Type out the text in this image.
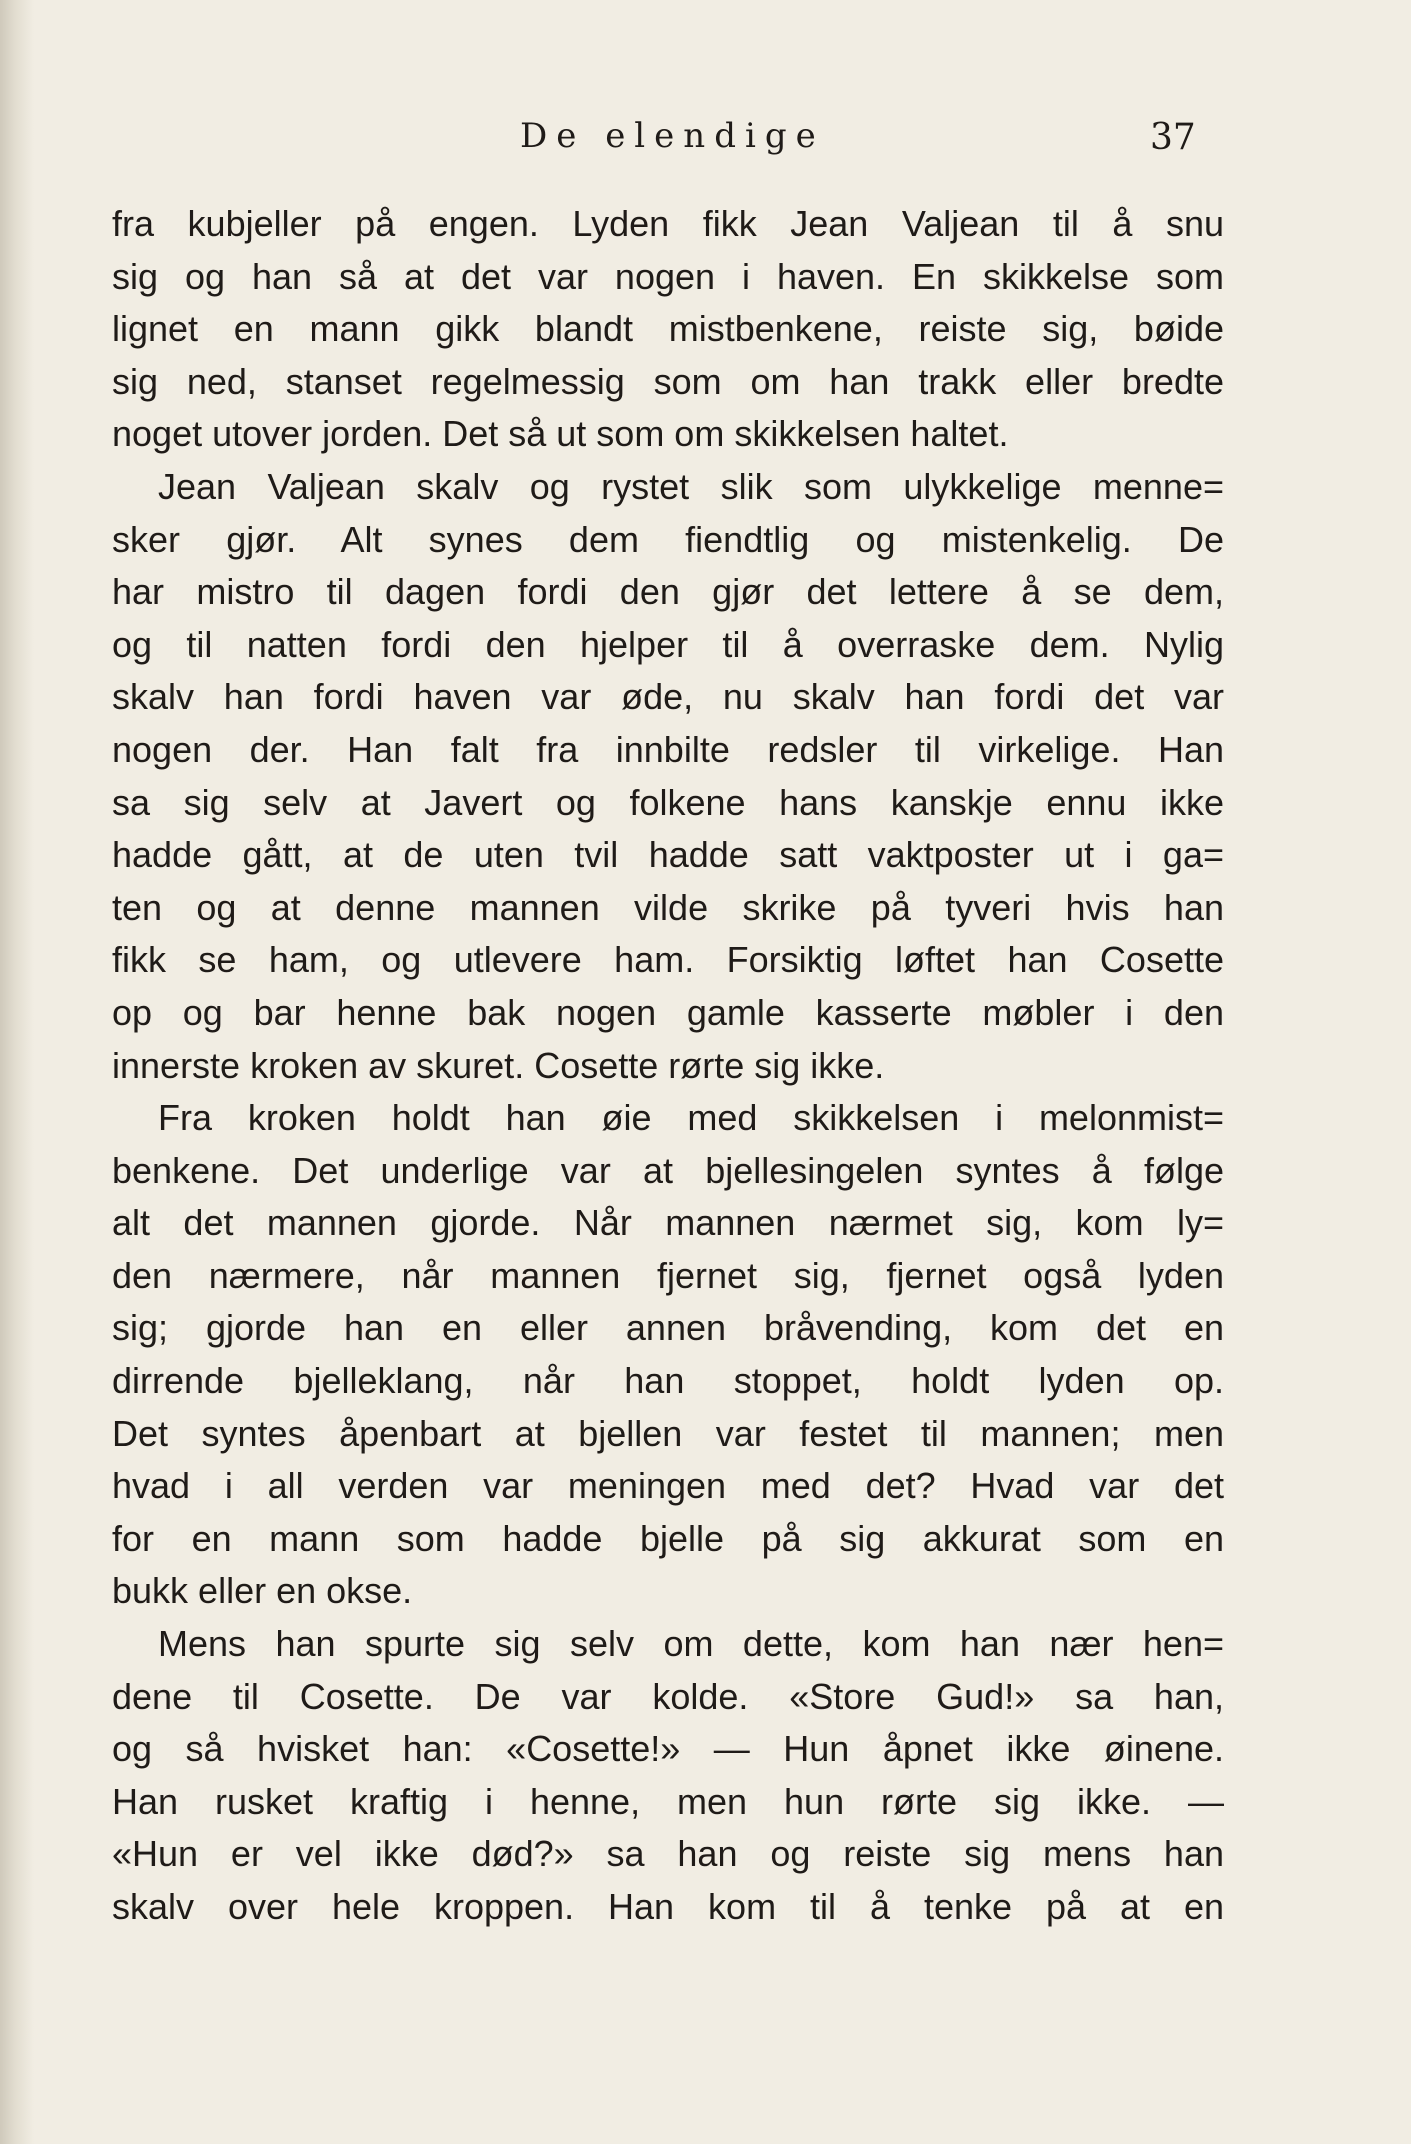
De elendige	37
fra kubjeller på engen. Lyden fikk Jean Valjean til å snu
sig og han så at det var nogen i haven. En skikkelse som
lignet en mann gikk blandt mistbenkene, reiste sig, bøide
sig ned, stanset regelmessig som om han trakk eller bredte
noget utover jorden. Det så ut som om skikkelsen haltet.
Jean Valjean skalv og rystet slik som ulykkelige menne=
sker gjør. Alt synes dem fiendtlig og mistenkelig. De
har mistro til dagen fordi den gjør det lettere å se dem,
og til natten fordi den hjelper til å overraske dem. Nylig
skalv han fordi haven var øde, nu skalv han fordi det var
nogen der. Han falt fra innbilte redsler til virkelige. Han
sa sig selv at Javert og folkene hans kanskje ennu ikke
hadde gått, at de uten tvil hadde satt vaktposter ut i ga=
ten og at denne mannen vilde skrike på tyveri hvis han
fikk se ham, og utlevere ham. Forsiktig løftet han Cosette
op og bar henne bak nogen gamle kasserte møbler i den
innerste kroken av skuret. Cosette rørte sig ikke.
Fra kroken holdt han øie med skikkelsen i melonmist=
benkene. Det underlige var at bjellesingelen syntes å følge
alt det mannen gjorde. Når mannen nærmet sig, kom ly=
den nærmere, når mannen fjernet sig, fjernet også lyden
sig; gjorde han en eller annen bråvending, kom det en
dirrende bjelleklang, når han stoppet, holdt lyden op.
Det syntes åpenbart at bjellen var festet til mannen; men
hvad i all verden var meningen med det? Hvad var det
for en mann som hadde bjelle på sig akkurat som en
bukk eller en okse.
Mens han spurte sig selv om dette, kom han nær hen=
dene til Cosette. De var kolde. «Store Gud!» sa han,
og så hvisket han: «Cosette!» — Hun åpnet ikke øinene.
Han rusket kraftig i henne, men hun rørte sig ikke. —
«Hun er vel ikke død?» sa han og reiste sig mens han
skalv over hele kroppen. Han kom til å tenke på at en
